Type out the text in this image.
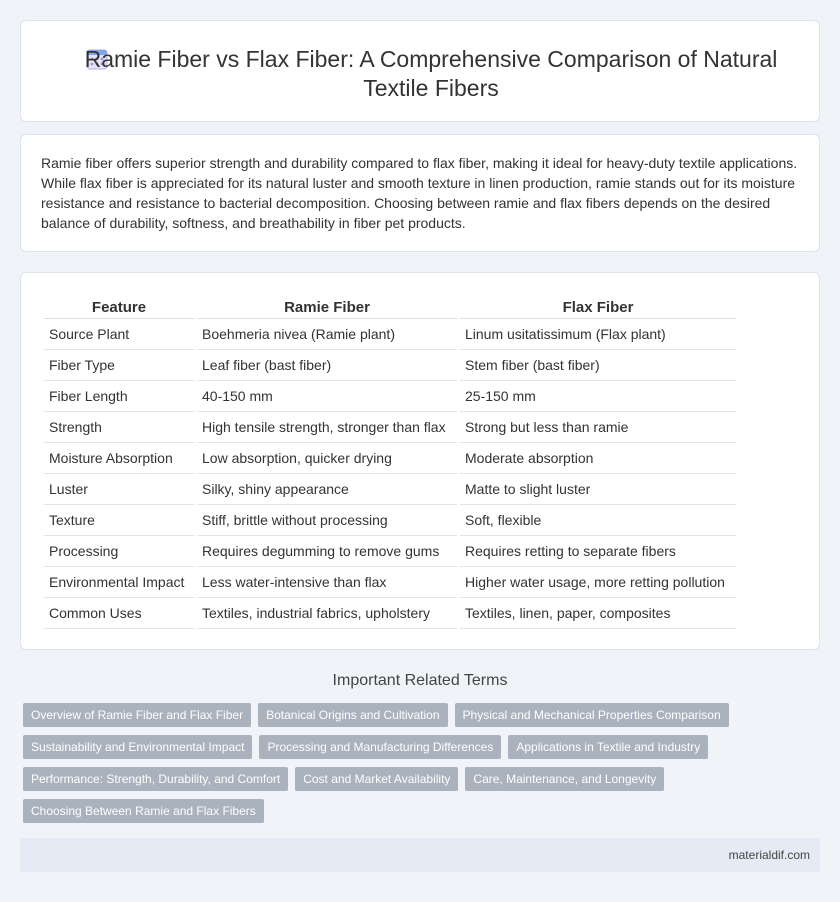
Ramie Fiber vs Flax Fiber: A Comprehensive Comparison of Natural Textile Fibers

Ramie fiber offers superior strength and durability compared to flax fiber, making it ideal for heavy-duty textile applications. While flax fiber is appreciated for its natural luster and smooth texture in linen production, ramie stands out for its moisture resistance and resistance to bacterial decomposition. Choosing between ramie and flax fibers depends on the desired balance of durability, softness, and breathability in fiber pet products.

Feature	Ramie Fiber	Flax Fiber
Source Plant	Boehmeria nivea (Ramie plant)	Linum usitatissimum (Flax plant)
Fiber Type	Leaf fiber (bast fiber)	Stem fiber (bast fiber)
Fiber Length	40-150 mm	25-150 mm
Strength	High tensile strength, stronger than flax	Strong but less than ramie
Moisture Absorption	Low absorption, quicker drying	Moderate absorption
Luster	Silky, shiny appearance	Matte to slight luster
Texture	Stiff, brittle without processing	Soft, flexible
Processing	Requires degumming to remove gums	Requires retting to separate fibers
Environmental Impact	Less water-intensive than flax	Higher water usage, more retting pollution
Common Uses	Textiles, industrial fabrics, upholstery	Textiles, linen, paper, composites
Important Related Terms
Overview of Ramie Fiber and Flax Fiber	Botanical Origins and Cultivation	Physical and Mechanical Properties Comparison
Sustainability and Environmental Impact	Processing and Manufacturing Differences	Applications in Textile and Industry
Performance: Strength, Durability, and Comfort	Cost and Market Availability	Care, Maintenance, and Longevity
Choosing Between Ramie and Flax Fibers
materialdif.com
